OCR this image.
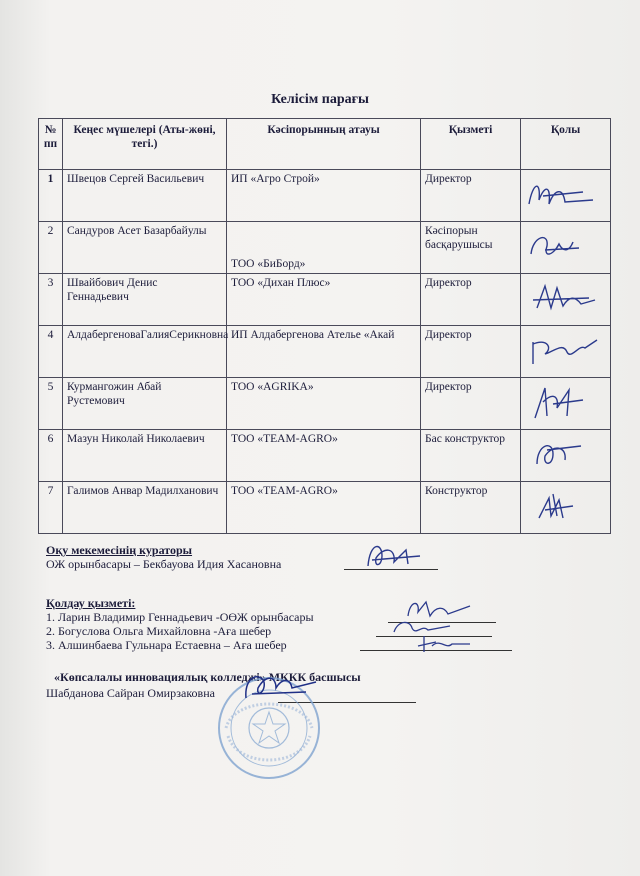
Келісім парағы
№ пп	Кеңес мүшелері (Аты-жөні, тегі.)	Кәсіпорынның атауы	Қызметі	Қолы
1	Швецов Сергей Васильевич	ИП «Агро Строй»	Директор	

2	Сандуров Асет Базарбайулы	ТОО «БиБорд»	Кәсіпорын басқарушысы	

3	Швайбович Денис Геннадьевич	ТОО «Дихан Плюс»	Директор	

4	АлдабергеноваГалияСерикновна	ИП Алдабергенова Ателье «Акай	Директор	

5	Курмангожин Абай Рустемович	ТОО «AGRIKA»	Директор	

6	Мазун Николай Николаевич	ТОО «TEAM-AGRO»	Бас конструктор	

7	Галимов Анвар Мадилханович	ТОО «TEAM-AGRO»	Конструктор	
Оқу мекемесінің кураторы
ОЖ орынбасары – Бекбауова Идия Хасановна
Қолдау қызметі:
1. Ларин Владимир Геннадьевич -ОӨЖ орынбасары
2. Богуслова Ольга Михайловна -Аға шебер
3. Алшинбаева Гульнара Естаевна – Аға шебер
«Көпсалалы инновациялық колледжі» МККК басшысы
Шабданова Сайран Омирзаковна
